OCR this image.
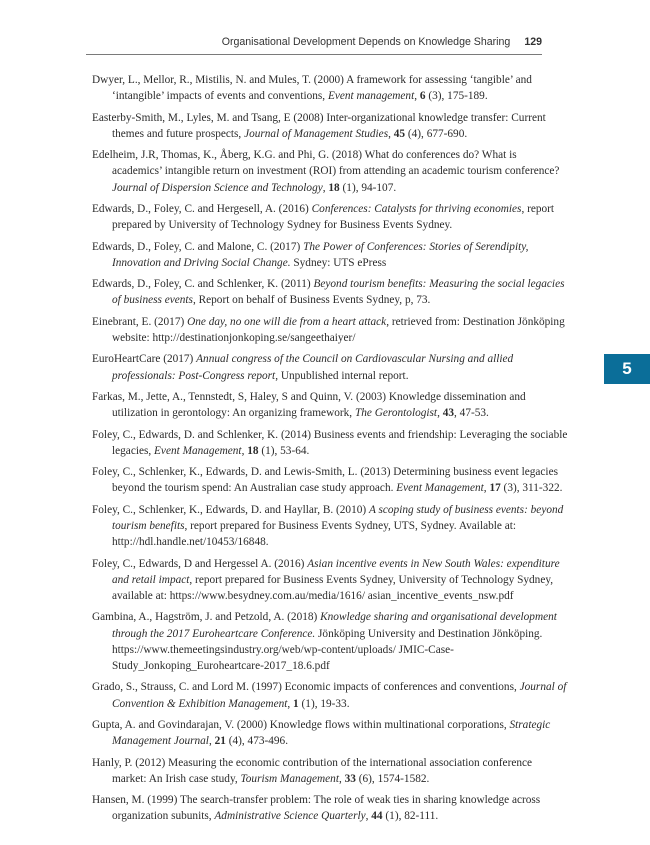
Organisational Development Depends on Knowledge Sharing 129

Dwyer, L., Mellor, R., Mistilis, N. and Mules, T. (2000) A framework for assessing ‘tangible’ and ‘intangible’ impacts of events and conventions, Event management, 6 (3), 175-189.

Easterby-Smith, M., Lyles, M. and Tsang, E (2008) Inter-organizational knowledge transfer: Current themes and future prospects, Journal of Management Studies, 45 (4), 677-690.

Edelheim, J.R, Thomas, K., Åberg, K.G. and Phi, G. (2018) What do conferences do? What is academics’ intangible return on investment (ROI) from attending an academic tourism conference? Journal of Dispersion Science and Technology, 18 (1), 94-107.

Edwards, D., Foley, C. and Hergesell, A. (2016) Conferences: Catalysts for thriving economies, report prepared by University of Technology Sydney for Business Events Sydney.

Edwards, D., Foley, C. and Malone, C. (2017) The Power of Conferences: Stories of Serendipity, Innovation and Driving Social Change. Sydney: UTS ePress

Edwards, D., Foley, C. and Schlenker, K. (2011) Beyond tourism benefits: Measuring the social legacies of business events, Report on behalf of Business Events Sydney, p, 73.

Einebrant, E. (2017) One day, no one will die from a heart attack, retrieved from: Destination Jönköping website: http://destinationjonkoping.se/sangeethaiyer/

EuroHeartCare (2017) Annual congress of the Council on Cardiovascular Nursing and allied professionals: Post-Congress report, Unpublished internal report.

Farkas, M., Jette, A., Tennstedt, S, Haley, S and Quinn, V. (2003) Knowledge dissemination and utilization in gerontology: An organizing framework, The Gerontologist, 43, 47-53.

Foley, C., Edwards, D. and Schlenker, K. (2014) Business events and friendship: Leveraging the sociable legacies, Event Management, 18 (1), 53-64.

Foley, C., Schlenker, K., Edwards, D. and Lewis-Smith, L. (2013) Determining business event legacies beyond the tourism spend: An Australian case study approach. Event Management, 17 (3), 311-322.

Foley, C., Schlenker, K., Edwards, D. and Hayllar, B. (2010) A scoping study of business events: beyond tourism benefits, report prepared for Business Events Sydney, UTS, Sydney. Available at: http://hdl.handle.net/10453/16848.

Foley, C., Edwards, D and Hergessel A. (2016) Asian incentive events in New South Wales: expenditure and retail impact, report prepared for Business Events Sydney, University of Technology Sydney, available at: https://www.besydney.com.au/media/1616/ asian_incentive_events_nsw.pdf

Gambina, A., Hagström, J. and Petzold, A. (2018) Knowledge sharing and organisational development through the 2017 Euroheartcare Conference. Jönköping University and Destination Jönköping. https://www.themeetingsindustry.org/web/wp-content/uploads/ JMIC-Case-Study_Jonkoping_Euroheartcare-2017_18.6.pdf

Grado, S., Strauss, C. and Lord M. (1997) Economic impacts of conferences and conventions, Journal of Convention & Exhibition Management, 1 (1), 19-33.

Gupta, A. and Govindarajan, V. (2000) Knowledge flows within multinational corporations, Strategic Management Journal, 21 (4), 473-496.

Hanly, P. (2012) Measuring the economic contribution of the international association conference market: An Irish case study, Tourism Management, 33 (6), 1574-1582.

Hansen, M. (1999) The search-transfer problem: The role of weak ties in sharing knowledge across organization subunits, Administrative Science Quarterly, 44 (1), 82-111.

5
